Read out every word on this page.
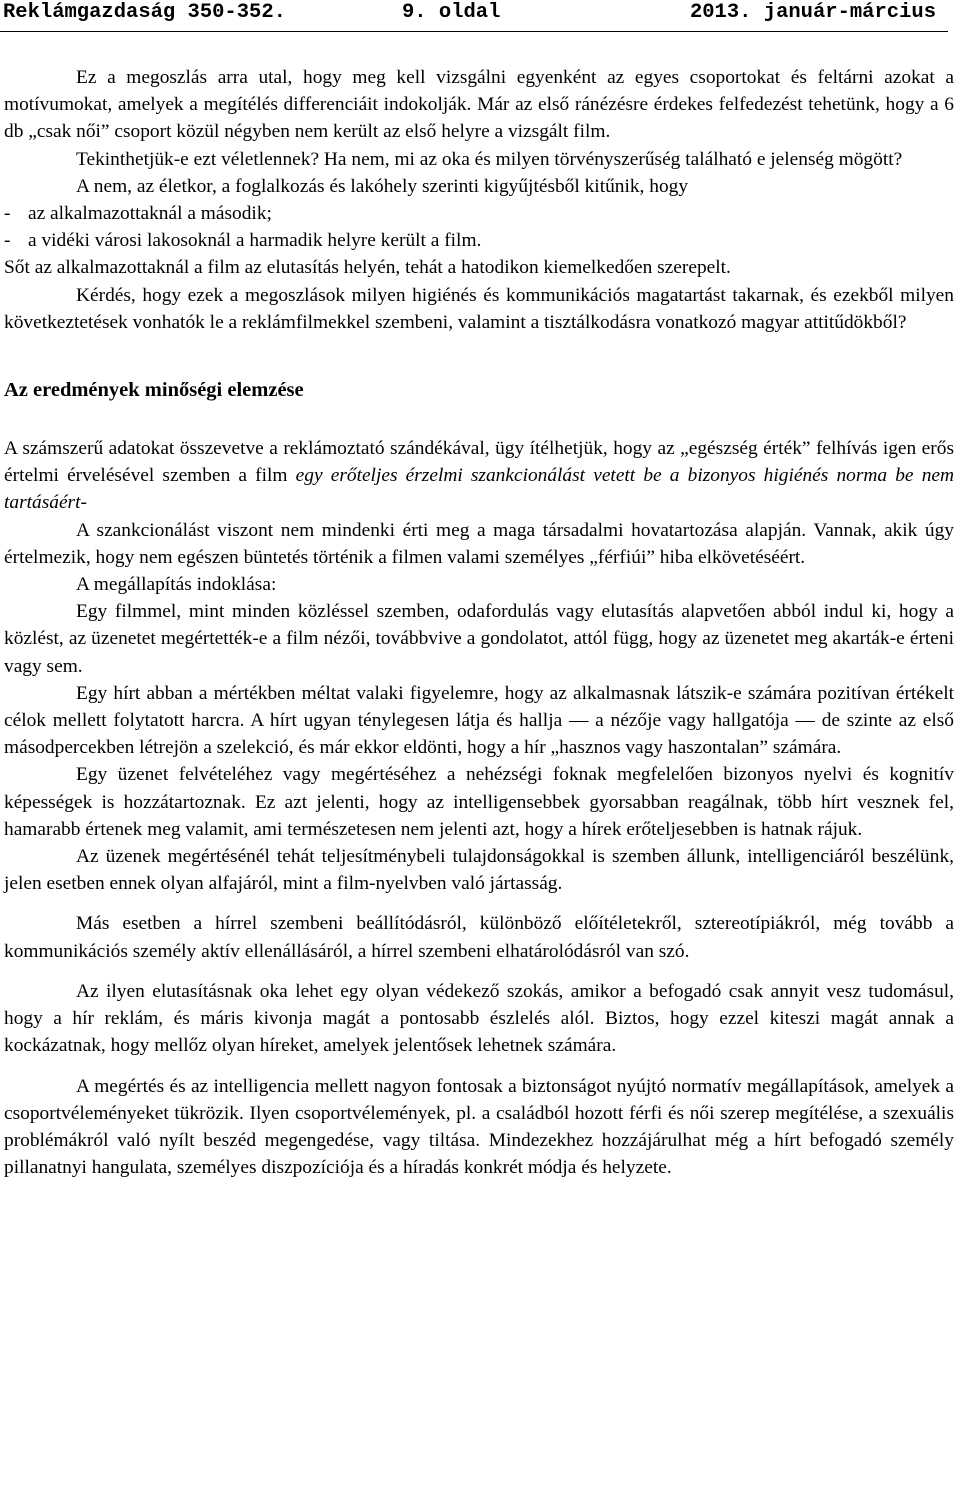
Reklámgazdaság 350-352.

	9. oldal

	2013. január-március

Ez a megoszlás arra utal, hogy meg kell vizsgálni egyenként az egyes csoportokat és feltárni azokat a motívumokat, amelyek a megítélés differenciáit indokolják. Már az első ránézésre érdekes felfedezést tehetünk, hogy a 6 db „csak női” csoport közül négyben nem került az első helyre a vizsgált film.

Tekinthetjük-e ezt véletlennek? Ha nem, mi az oka és milyen törvényszerűség található e jelenség mögött?

A nem, az életkor, a foglalkozás és lakóhely szerinti kigyűjtésből kitűnik, hogy

- az alkalmazottaknál a második;
- a vidéki városi lakosoknál a harmadik helyre került a film.

Sőt az alkalmazottaknál a film az elutasítás helyén, tehát a hatodikon kiemelkedően szerepelt.

Kérdés, hogy ezek a megoszlások milyen higiénés és kommunikációs magatartást takarnak, és ezekből milyen következtetések vonhatók le a reklámfilmekkel szembeni, valamint a tisztálkodásra vonatkozó magyar attitűdökből?

Az eredmények minőségi elemzése

A számszerű adatokat összevetve a reklámoztató szándékával, ügy ítélhetjük, hogy az „egészség érték” felhívás igen erős értelmi érvelésével szemben a film egy erőteljes érzelmi szankcionálást vetett be a bizonyos higiénés norma be nem tartásáért-

A szankcionálást viszont nem mindenki érti meg a maga társadalmi hovatartozása alapján. Vannak, akik úgy értelmezik, hogy nem egészen büntetés történik a filmen valami személyes „férfiúi” hiba elkövetéséért.

A megállapítás indoklása:

Egy filmmel, mint minden közléssel szemben, odafordulás vagy elutasítás alapvetően abból indul ki, hogy a közlést, az üzenetet megértették-e a film nézői, továbbvive a gondolatot, attól függ, hogy az üzenetet meg akarták-e érteni vagy sem.

Egy hírt abban a mértékben méltat valaki figyelemre, hogy az alkalmasnak látszik-e számára pozitívan értékelt célok mellett folytatott harcra. A hírt ugyan ténylegesen látja és hallja — a nézője vagy hallgatója — de szinte az első másodpercekben létrejön a szelekció, és már ekkor eldönti, hogy a hír „hasznos vagy haszontalan” számára.

Egy üzenet felvételéhez vagy megértéséhez a nehézségi foknak megfelelően bizonyos nyelvi és kognitív képességek is hozzátartoznak. Ez azt jelenti, hogy az intelligensebbek gyorsabban reagálnak, több hírt vesznek fel, hamarabb értenek meg valamit, ami természetesen nem jelenti azt, hogy a hírek erőteljesebben is hatnak rájuk.

Az üzenek megértésénél tehát teljesítménybeli tulajdonságokkal is szemben állunk, intelligenciáról beszélünk, jelen esetben ennek olyan alfajáról, mint a film-nyelvben való jártasság.

Más esetben a hírrel szembeni beállítódásról, különböző előítéletekről, sztereotípiákról, még tovább a kommunikációs személy aktív ellenállásáról, a hírrel szembeni elhatárolódásról van szó.

Az ilyen elutasításnak oka lehet egy olyan védekező szokás, amikor a befogadó csak annyit vesz tudomásul, hogy a hír reklám, és máris kivonja magát a pontosabb észlelés alól. Biztos, hogy ezzel kiteszi magát annak a kockázatnak, hogy mellőz olyan híreket, amelyek jelentősek lehetnek számára.

A megértés és az intelligencia mellett nagyon fontosak a biztonságot nyújtó normatív megállapítások, amelyek a csoportvéleményeket tükrözik. Ilyen csoportvélemények, pl. a családból hozott férfi és női szerep megítélése, a szexuális problémákról való nyílt beszéd megengedése, vagy tiltása. Mindezekhez hozzájárulhat még a hírt befogadó személy pillanatnyi hangulata, személyes diszpozíciója és a híradás konkrét módja és helyzete.
